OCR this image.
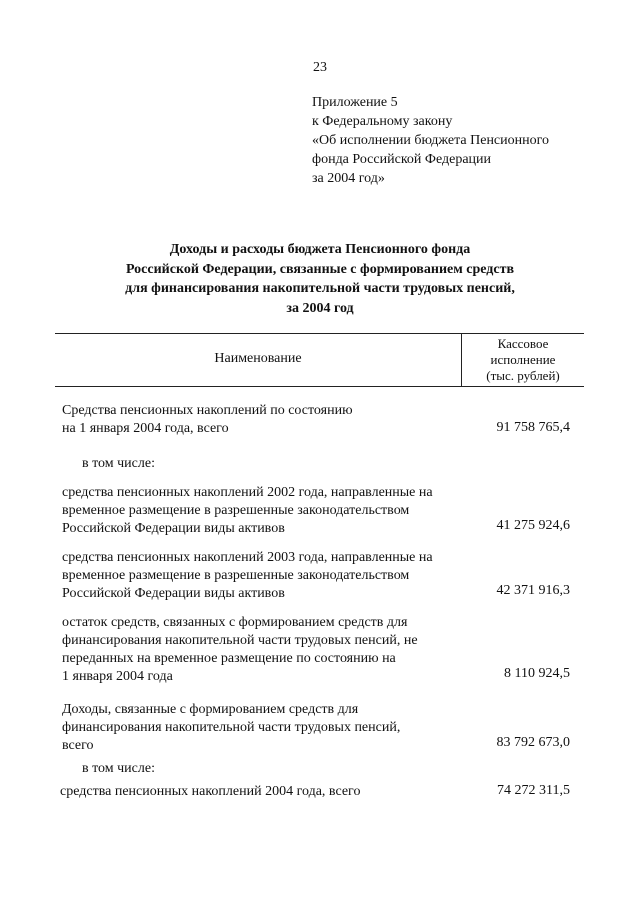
23
Приложение 5
к Федеральному закону
«Об исполнении бюджета Пенсионного
фонда Российской Федерации
за 2004 год»
Доходы и расходы бюджета Пенсионного фонда
Российской Федерации, связанные с формированием средств
для финансирования накопительной части трудовых пенсий,
за 2004 год
Наименование
Кассовое
исполнение
(тыс. рублей)
Средства пенсионных накоплений по состоянию
на 1 января 2004 года, всего	91 758 765,4
в том числе:
средства пенсионных накоплений 2002 года, направленные на
временное размещение в разрешенные законодательством
Российской Федерации виды активов	41 275 924,6
средства пенсионных накоплений 2003 года, направленные на
временное размещение в разрешенные законодательством
Российской Федерации виды активов	42 371 916,3
остаток средств, связанных с формированием средств для
финансирования накопительной части трудовых пенсий, не
переданных на временное размещение по состоянию на
1 января 2004 года	8 110 924,5
Доходы, связанные с формированием средств для
финансирования накопительной части трудовых пенсий,
всего	83 792 673,0
в том числе:
средства пенсионных накоплений 2004 года, всего	74 272 311,5
